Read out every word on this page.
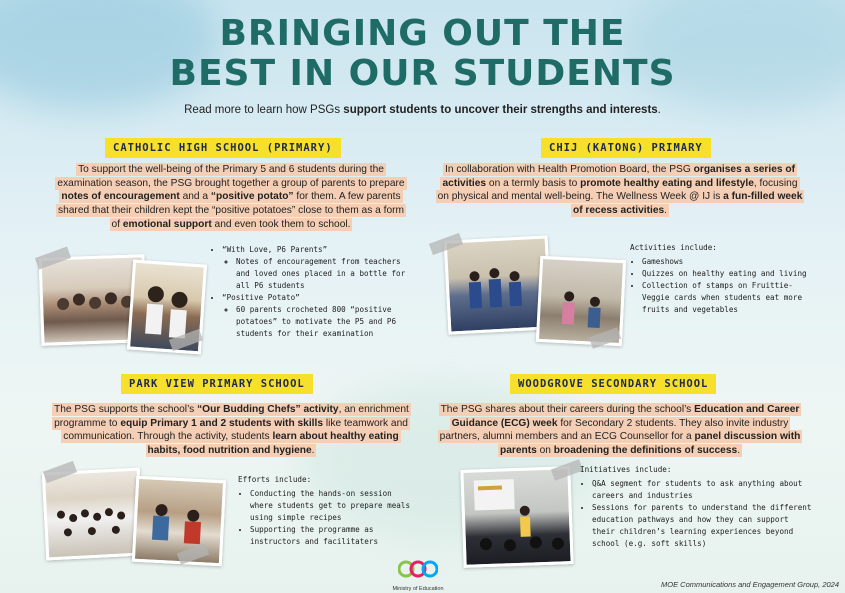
BRINGING OUT THE
BEST IN OUR STUDENTS
Read more to learn how PSGs support students to uncover their strengths and interests.
CATHOLIC HIGH SCHOOL (PRIMARY)
To support the well-being of the Primary 5 and 6 students during the examination season, the PSG brought together a group of parents to prepare notes of encouragement and a “positive potato” for them. A few parents shared that their children kept the “positive potatoes” close to them as a form of emotional support and even took them to school.
• “With Love, P6 Parents”
◦ Notes of encouragement from teachers and loved ones placed in a bottle for all P6 students
• “Positive Potato”
◦ 60 parents crocheted 800 “positive potatoes” to motivate the P5 and P6 students for their examination
CHIJ (KATONG) PRIMARY
In collaboration with Health Promotion Board, the PSG organises a series of activities on a termly basis to promote healthy eating and lifestyle, focusing on physical and mental well-being. The Wellness Week @ IJ is a fun-filled week of recess activities.
Activities include:
• Gameshows
• Quizzes on healthy eating and living
• Collection of stamps on Fruittie-Veggie cards when students eat more fruits and vegetables
PARK VIEW PRIMARY SCHOOL
The PSG supports the school’s “Our Budding Chefs” activity, an enrichment programme to equip Primary 1 and 2 students with skills like teamwork and communication. Through the activity, students learn about healthy eating habits, food nutrition and hygiene.
Efforts include:
• Conducting the hands-on session where students get to prepare meals using simple recipes
• Supporting the programme as instructors and facilitaters
WOODGROVE SECONDARY SCHOOL
The PSG shares about their careers during the school’s Education and Career Guidance (ECG) week for Secondary 2 students. They also invite industry partners, alumni members and an ECG Counsellor for a panel discussion with parents on broadening the definitions of success.
Initiatives include:
• Q&A segment for students to ask anything about careers and industries
• Sessions for parents to understand the different education pathways and how they can support their children’s learning experiences beyond school (e.g. soft skills)
Ministry of Education	MOE Communications and Engagement Group, 2024
